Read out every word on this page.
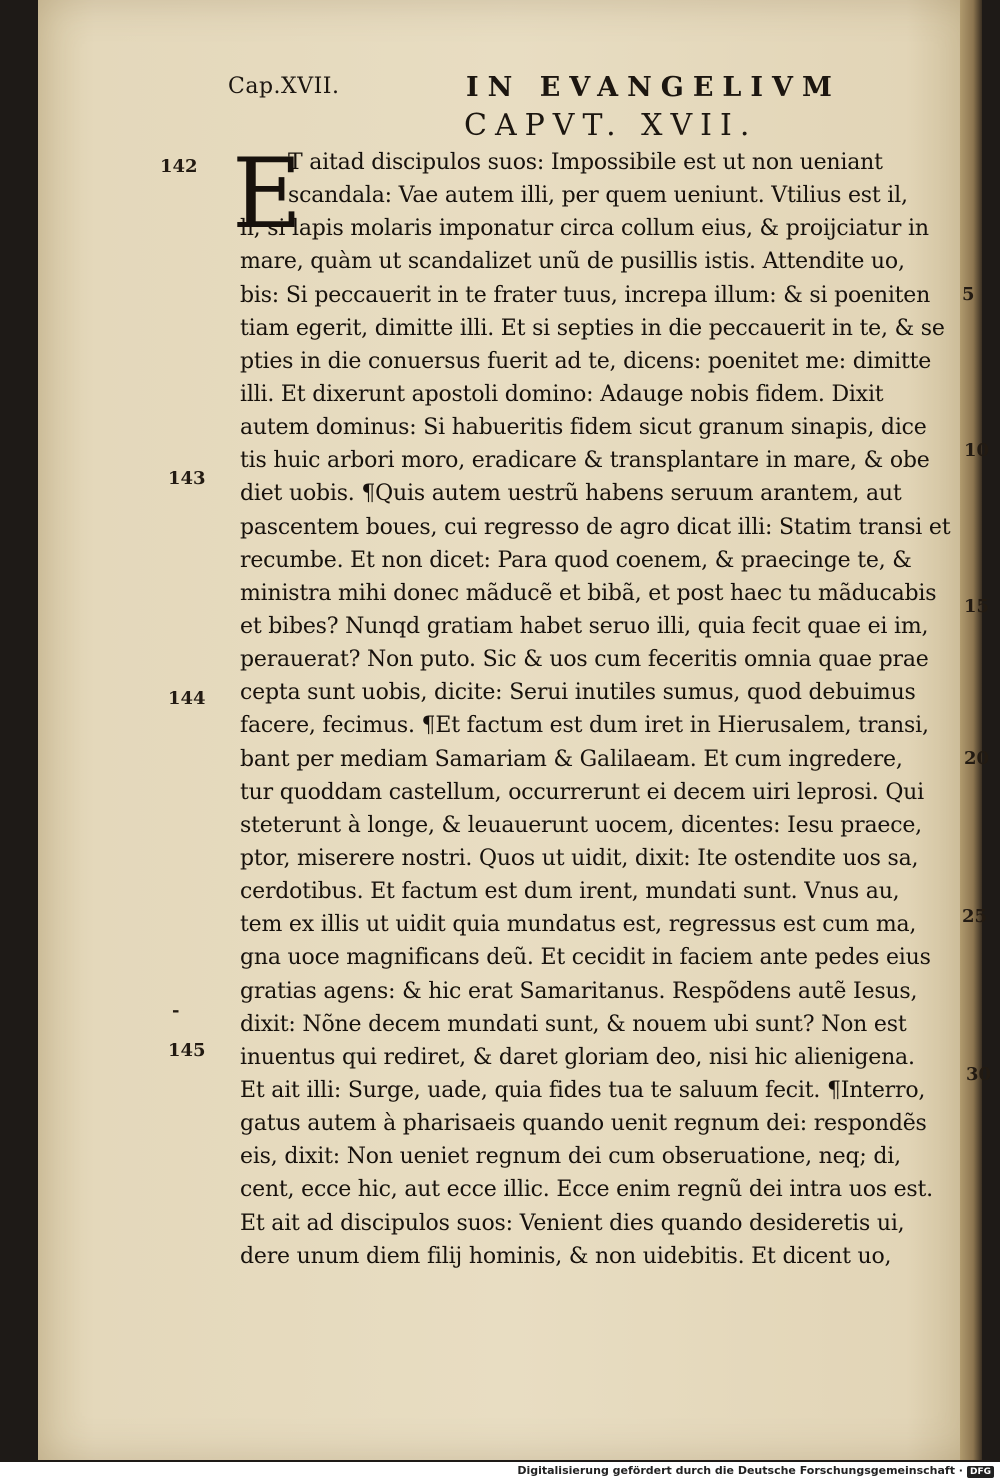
Cap.XVII.	IN EVANGELIVM
CAPVT. XVII.
E
142
143
144
145
-
5
10
15
20
25
30
T aitad discipulos suos: Impossibile est ut non ueniant
scandala: Vae autem illi, per quem ueniunt. Vtilius est il,
li, si lapis molaris imponatur circa collum eius, & proijciatur in
mare, quàm ut scandalizet unũ de pusillis istis. Attendite uo,
bis: Si peccauerit in te frater tuus, increpa illum: & si poeniten
tiam egerit, dimitte illi. Et si septies in die peccauerit in te, & se
pties in die conuersus fuerit ad te, dicens: poenitet me: dimitte
illi. Et dixerunt apostoli domino: Adauge nobis fidem. Dixit
autem dominus: Si habueritis fidem sicut granum sinapis, dice
tis huic arbori moro, eradicare & transplantare in mare, & obe
diet uobis. ¶Quis autem uestrũ habens seruum arantem, aut
pascentem boues, cui regresso de agro dicat illi: Statim transi et
recumbe. Et non dicet: Para quod coenem, & praecinge te, &
ministra mihi donec mãducẽ et bibã, et post haec tu mãducabis
et bibes? Nunqd gratiam habet seruo illi, quia fecit quae ei im,
perauerat? Non puto. Sic & uos cum feceritis omnia quae prae
cepta sunt uobis, dicite: Serui inutiles sumus, quod debuimus
facere, fecimus. ¶Et factum est dum iret in Hierusalem, transi,
bant per mediam Samariam & Galilaeam. Et cum ingredere,
tur quoddam castellum, occurrerunt ei decem uiri leprosi. Qui
steterunt à longe, & leuauerunt uocem, dicentes: Iesu praece,
ptor, miserere nostri. Quos ut uidit, dixit: Ite ostendite uos sa,
cerdotibus. Et factum est dum irent, mundati sunt. Vnus au,
tem ex illis ut uidit quia mundatus est, regressus est cum ma,
gna uoce magnificans deũ. Et cecidit in faciem ante pedes eius
gratias agens: & hic erat Samaritanus. Respõdens autẽ Iesus,
dixit: Nõne decem mundati sunt, & nouem ubi sunt? Non est
inuentus qui rediret, & daret gloriam deo, nisi hic alienigena.
Et ait illi: Surge, uade, quia fides tua te saluum fecit. ¶Interro,
gatus autem à pharisaeis quando uenit regnum dei: respondẽs
eis, dixit: Non ueniet regnum dei cum obseruatione, neq; di,
cent, ecce hic, aut ecce illic. Ecce enim regnũ dei intra uos est.
Et ait ad discipulos suos: Venient dies quando desideretis ui,
dere unum diem filij hominis, & non uidebitis. Et dicent uo,
Digitalisierung gefördert durch die Deutsche Forschungsgemeinschaft · DFG
